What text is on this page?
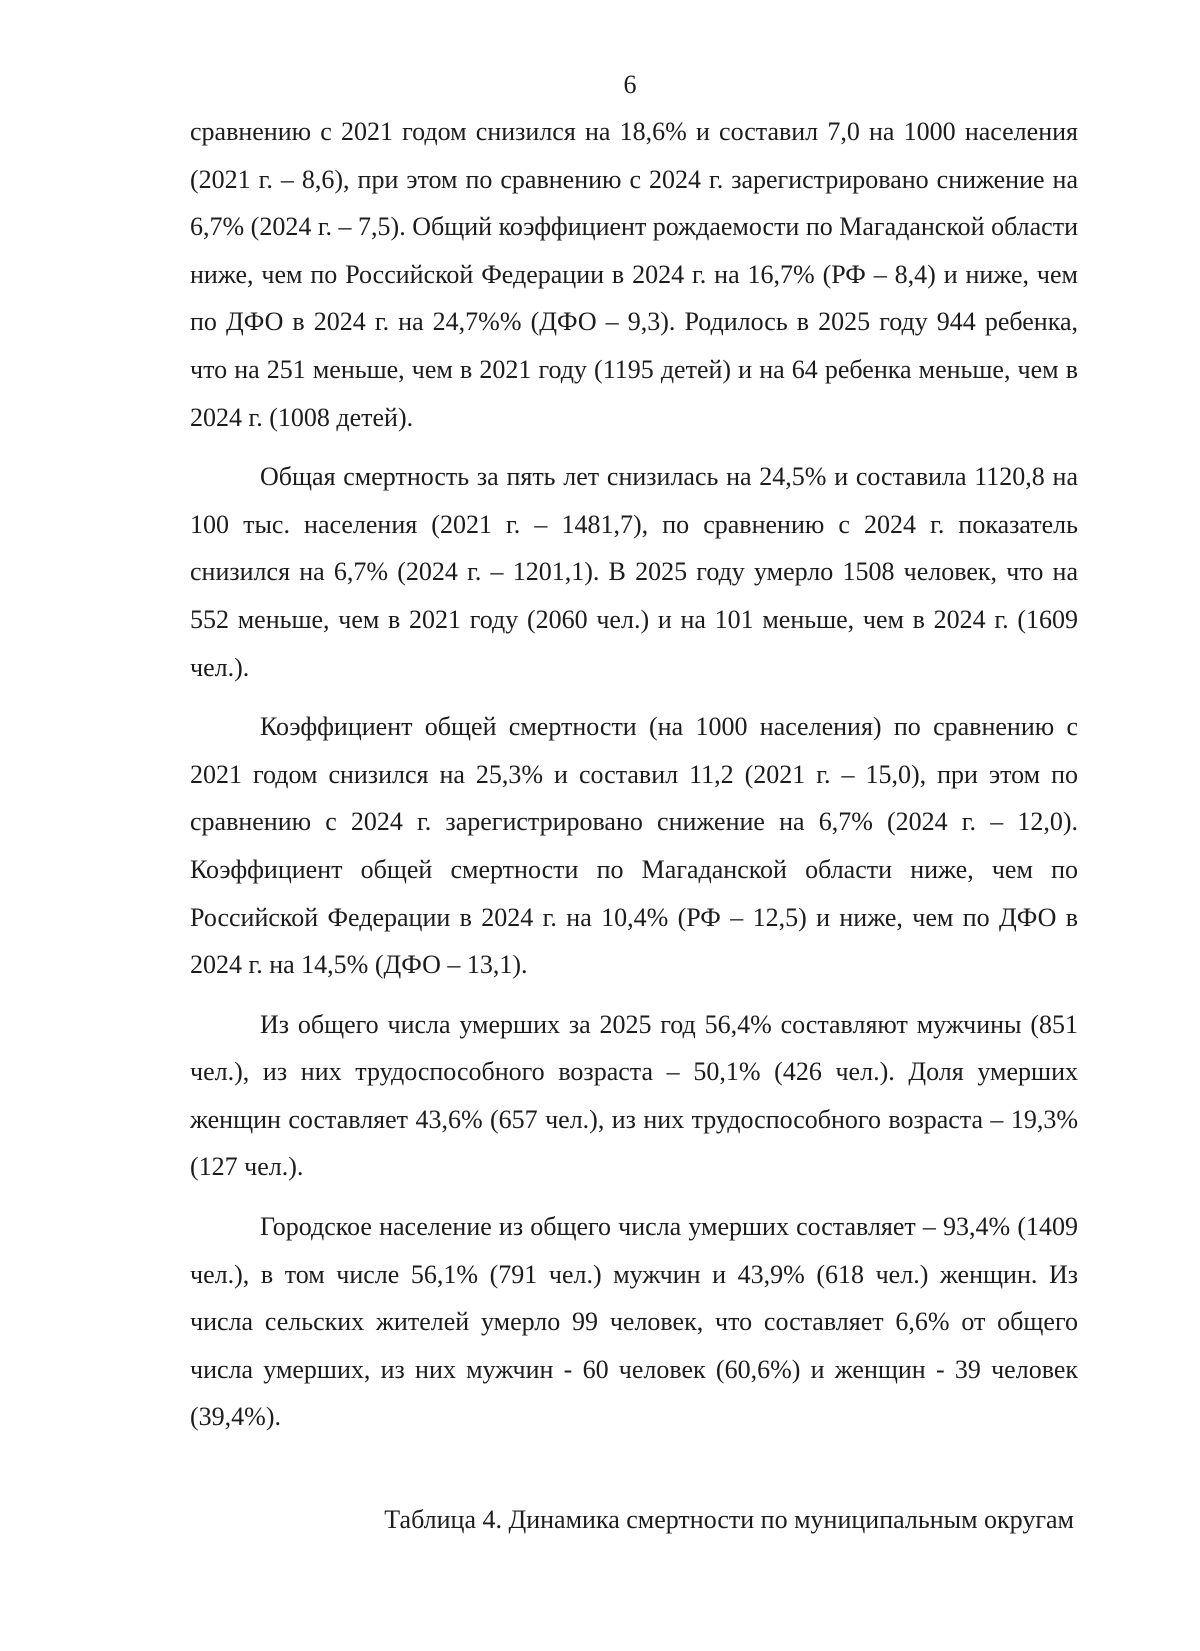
6

сравнению с 2021 годом снизился на 18,6% и составил 7,0 на 1000 населения (2021 г. – 8,6), при этом по сравнению с 2024 г. зарегистрировано снижение на 6,7% (2024 г. – 7,5). Общий коэффициент рождаемости по Магаданской области ниже, чем по Российской Федерации в 2024 г. на 16,7% (РФ – 8,4) и ниже, чем по ДФО в 2024 г. на 24,7%% (ДФО – 9,3). Родилось в 2025 году 944 ребенка, что на 251 меньше, чем в 2021 году (1195 детей) и на 64 ребенка меньше, чем в 2024 г. (1008 детей).

Общая смертность за пять лет снизилась на 24,5% и составила 1120,8 на 100 тыс. населения (2021 г. – 1481,7), по сравнению с 2024 г. показатель снизился на 6,7% (2024 г. – 1201,1). В 2025 году умерло 1508 человек, что на 552 меньше, чем в 2021 году (2060 чел.) и на 101 меньше, чем в 2024 г. (1609 чел.).

Коэффициент общей смертности (на 1000 населения) по сравнению с 2021 годом снизился на 25,3% и составил 11,2 (2021 г. – 15,0), при этом по сравнению с 2024 г. зарегистрировано снижение на 6,7% (2024 г. – 12,0). Коэффициент общей смертности по Магаданской области ниже, чем по Российской Федерации в 2024 г. на 10,4% (РФ – 12,5) и ниже, чем по ДФО в 2024 г. на 14,5% (ДФО – 13,1).

Из общего числа умерших за 2025 год 56,4% составляют мужчины (851 чел.), из них трудоспособного возраста – 50,1% (426 чел.). Доля умерших женщин составляет 43,6% (657 чел.), из них трудоспособного возраста – 19,3% (127 чел.).

Городское население из общего числа умерших составляет – 93,4% (1409 чел.), в том числе 56,1% (791 чел.) мужчин и 43,9% (618 чел.) женщин. Из числа сельских жителей умерло 99 человек, что составляет 6,6% от общего числа умерших, из них мужчин - 60 человек (60,6%) и женщин - 39 человек (39,4%).

Таблица 4. Динамика смертности по муниципальным округам
